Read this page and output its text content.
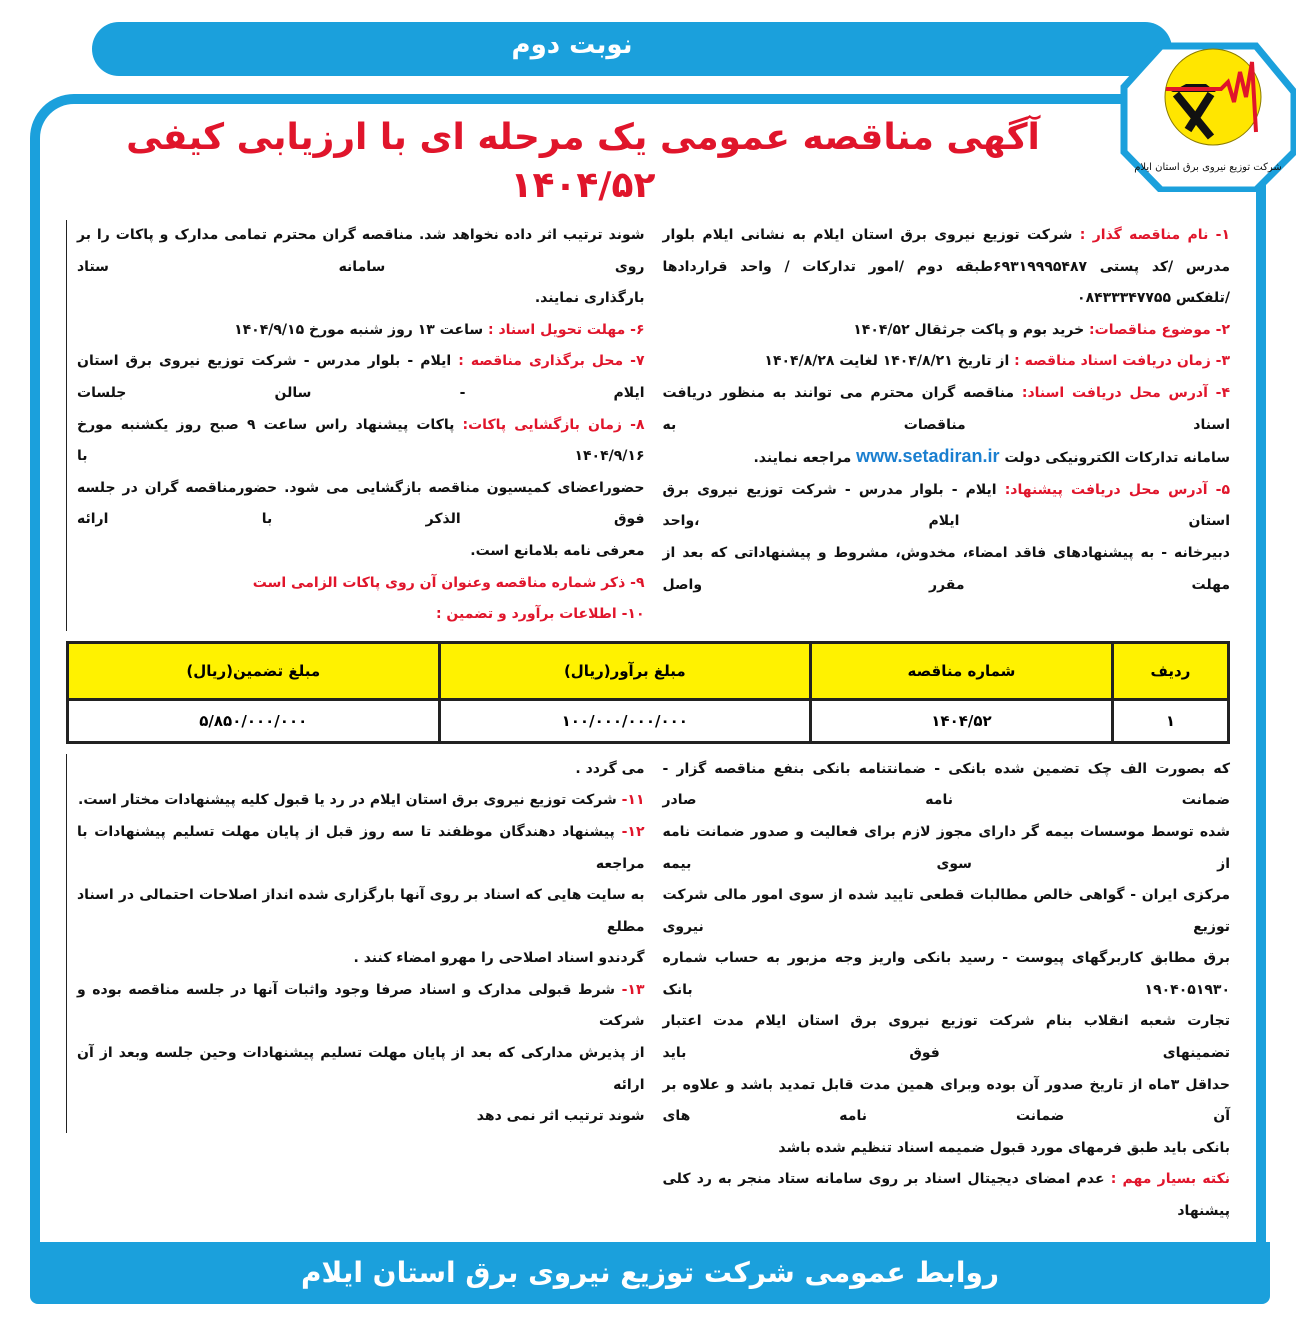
نوبت دوم
شرکت توزیع نیروی برق استان ایلام
آگهی مناقصه عمومی یک مرحله ای با ارزیابی کیفی ۱۴۰۴/۵۲
۱- نام مناقصه گذار : شرکت توزیع نیروی برق استان ایلام به نشانی ایلام بلوار
مدرس /کد پستی ۶۹۳۱۹۹۹۵۴۸۷طبقه دوم /امور تدارکات / واحد قراردادها
/تلفکس ۰۸۴۳۳۳۴۷۷۵۵
۲- موضوع مناقصات: خرید بوم و پاکت جرثقال ۱۴۰۴/۵۲
۳- زمان دریافت اسناد مناقصه : از تاریخ ۱۴۰۴/۸/۲۱ لغایت ۱۴۰۴/۸/۲۸
۴- آدرس محل دریافت اسناد: مناقصه گران محترم می توانند به منظور دریافت اسناد مناقصات به
سامانه تدارکات الکترونیکی دولت www.setadiran.ir مراجعه نمایند.
۵- آدرس محل دریافت پیشنهاد: ایلام - بلوار مدرس - شرکت توزیع نیروی برق استان ایلام ،واحد
دبیرخانه - به پیشنهادهای فاقد امضاء، مخدوش، مشروط و پیشنهاداتی که بعد از مهلت مقرر واصل
شوند ترتیب اثر داده نخواهد شد. مناقصه گران محترم تمامی مدارک و پاکات را بر روی سامانه ستاد
بارگذاری نمایند.
۶- مهلت تحویل اسناد : ساعت ۱۳ روز شنبه مورخ ۱۴۰۴/۹/۱۵
۷- محل برگذاری مناقصه : ایلام - بلوار مدرس - شرکت توزیع نیروی برق استان ایلام - سالن جلسات
۸- زمان بازگشایی پاکات: پاکات پیشنهاد راس ساعت ۹ صبح روز یکشنبه مورخ ۱۴۰۴/۹/۱۶ با
حضوراعضای کمیسیون مناقصه بازگشایی می شود. حضورمناقصه گران در جلسه فوق الذکر با ارائه
معرفی نامه بلامانع است.
۹- ذکر شماره مناقصه وعنوان آن روی پاکات الزامی است
۱۰- اطلاعات برآورد و تضمین :
ردیف	شماره مناقصه	مبلغ برآور(ریال)	مبلغ تضمین(ریال)
۱	۱۴۰۴/۵۲	۱۰۰/۰۰۰/۰۰۰/۰۰۰	۵/۸۵۰/۰۰۰/۰۰۰
که بصورت الف چک تضمین شده بانکی - ضمانتنامه بانکی بنفع مناقصه گزار - ضمانت نامه صادر
شده توسط موسسات بیمه گر دارای مجوز لازم برای فعالیت و صدور ضمانت نامه از سوی بیمه
مرکزی ایران - گواهی خالص مطالبات قطعی تایید شده از سوی امور مالی شرکت توزیع نیروی
برق مطابق کاربرگهای پیوست - رسید بانکی واریز وجه مزبور به حساب شماره ۱۹۰۴۰۵۱۹۳۰ بانک
تجارت شعبه انقلاب بنام شرکت توزیع نیروی برق استان ایلام مدت اعتبار تضمینهای فوق باید
حداقل ۳ماه از تاریخ صدور آن بوده وبرای همین مدت قابل تمدید باشد و علاوه بر آن ضمانت نامه های
بانکی باید طبق فرمهای مورد قبول ضمیمه اسناد تنظیم شده باشد
نکته بسیار مهم : عدم امضای دیجیتال اسناد بر روی سامانه ستاد منجر به رد کلی پیشنهاد
می گردد .
۱۱- شرکت توزیع نیروی برق استان ایلام در رد یا قبول کلیه پیشنهادات مختار است.
۱۲- پیشنهاد دهندگان موظفند تا سه روز قبل از پایان مهلت تسلیم پیشنهادات با مراجعه
به سایت هایی که اسناد بر روی آنها بارگزاری شده انداز اصلاحات احتمالی در اسناد مطلع
گردندو اسناد اصلاحی را مهرو امضاء کنند .
۱۳- شرط قبولی مدارک و اسناد صرفا وجود واثبات آنها در جلسه مناقصه بوده و شرکت
از پذیرش مدارکی که بعد از پایان مهلت تسلیم پیشنهادات وحین جلسه وبعد از آن ارائه
شوند ترتیب اثر نمی دهد
روابط عمومی شرکت توزیع نیروی برق استان ایلام
